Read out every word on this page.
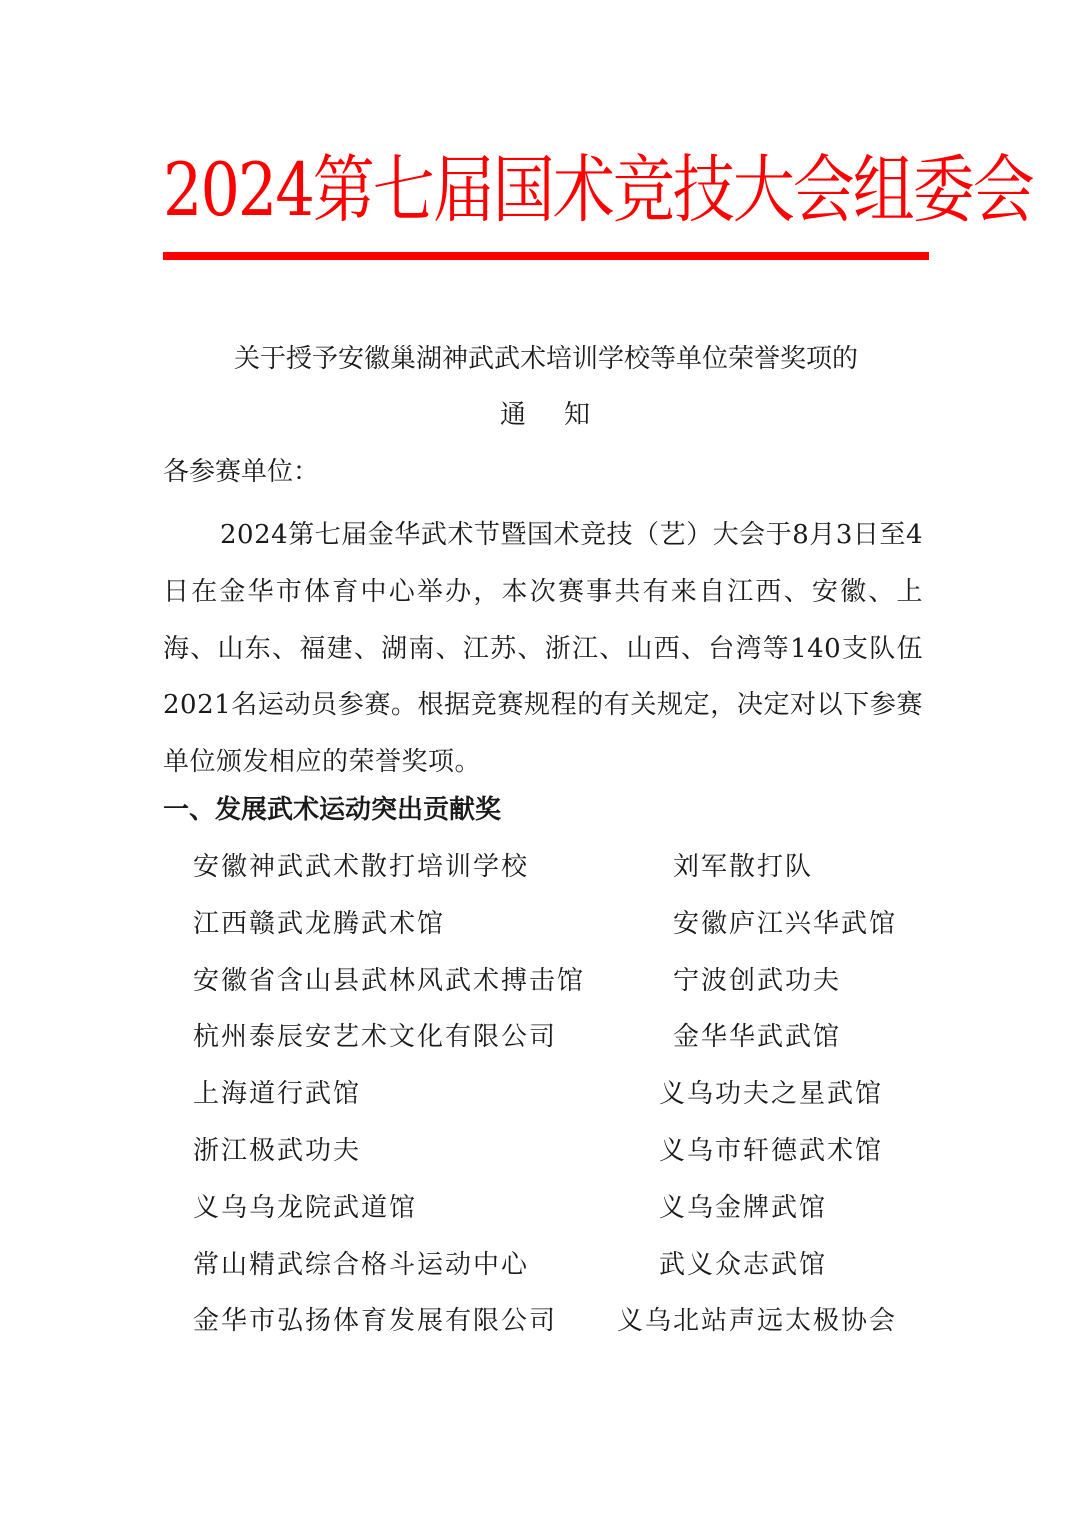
2024第七届国术竞技大会组委会
关于授予安徽巢湖神武武术培训学校等单位荣誉奖项的
通 知
各参赛单位：
2024第七届金华武术节暨国术竞技（艺）大会于8月3日至4日在金华市体育中心举办，本次赛事共有来自江西、安徽、上海、山东、福建、湖南、江苏、浙江、山西、台湾等140支队伍2021名运动员参赛。根据竞赛规程的有关规定，决定对以下参赛单位颁发相应的荣誉奖项。
一、发展武术运动突出贡献奖
安徽神武武术散打培训学校	刘军散打队
江西赣武龙腾武术馆	安徽庐江兴华武馆
安徽省含山县武林风武术搏击馆	宁波创武功夫
杭州泰辰安艺术文化有限公司	金华华武武馆
上海道行武馆	义乌功夫之星武馆
浙江极武功夫	义乌市轩德武术馆
义乌乌龙院武道馆	义乌金牌武馆
常山精武综合格斗运动中心	武义众志武馆
金华市弘扬体育发展有限公司 义乌北站声远太极协会
